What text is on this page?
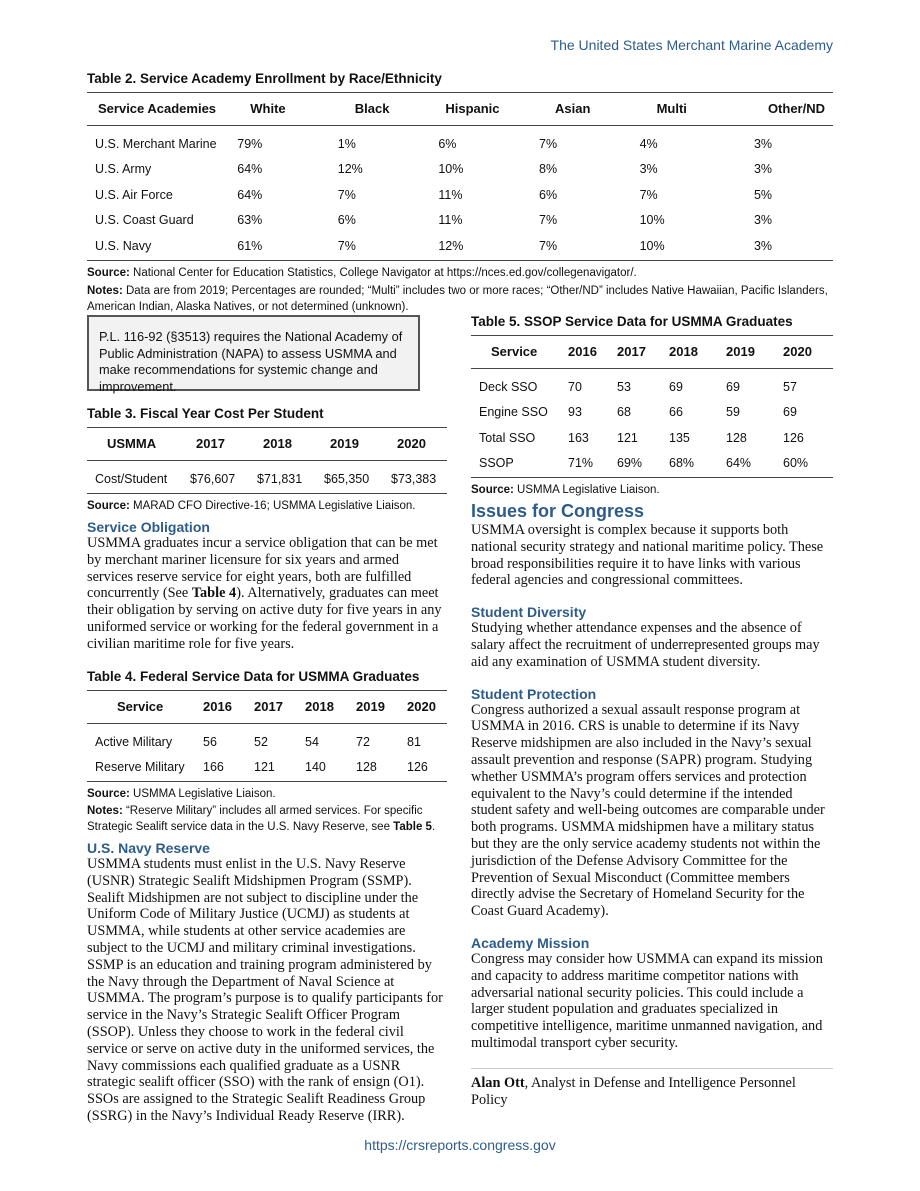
The United States Merchant Marine Academy
Table 2. Service Academy Enrollment by Race/Ethnicity
Service Academies	White	Black	Hispanic	Asian	Multi	Other/ND
U.S. Merchant Marine	79%	1%	6%	7%	4%	3%
U.S. Army	64%	12%	10%	8%	3%	3%
U.S. Air Force	64%	7%	11%	6%	7%	5%
U.S. Coast Guard	63%	6%	11%	7%	10%	3%
U.S. Navy	61%	7%	12%	7%	10%	3%
Source: National Center for Education Statistics, College Navigator at https://nces.ed.gov/collegenavigator/.
Notes: Data are from 2019; Percentages are rounded; “Multi” includes two or more races; “Other/ND” includes Native Hawaiian, Pacific Islanders, American Indian, Alaska Natives, or not determined (unknown).
P.L. 116-92 (§3513) requires the National Academy of Public Administration (NAPA) to assess USMMA and make recommendations for systemic change and improvement.
Table 3. Fiscal Year Cost Per Student
USMMA	2017	2018	2019	2020
Cost/Student	$76,607	$71,831	$65,350	$73,383
Source: MARAD CFO Directive-16; USMMA Legislative Liaison.
Service Obligation

USMMA graduates incur a service obligation that can be met by merchant mariner licensure for six years and armed services reserve service for eight years, both are fulfilled concurrently (See Table 4). Alternatively, graduates can meet their obligation by serving on active duty for five years in any uniformed service or working for the federal government in a civilian maritime role for five years.

Table 4. Federal Service Data for USMMA Graduates
Service	2016	2017	2018	2019	2020
Active Military	56	52	54	72	81
Reserve Military	166	121	140	128	126
Source: USMMA Legislative Liaison.
Notes: “Reserve Military” includes all armed services. For specific Strategic Sealift service data in the U.S. Navy Reserve, see Table 5.
U.S. Navy Reserve

USMMA students must enlist in the U.S. Navy Reserve (USNR) Strategic Sealift Midshipmen Program (SSMP). Sealift Midshipmen are not subject to discipline under the Uniform Code of Military Justice (UCMJ) as students at USMMA, while students at other service academies are subject to the UCMJ and military criminal investigations. SSMP is an education and training program administered by the Navy through the Department of Naval Science at USMMA. The program’s purpose is to qualify participants for service in the Navy’s Strategic Sealift Officer Program (SSOP). Unless they choose to work in the federal civil service or serve on active duty in the uniformed services, the Navy commissions each qualified graduate as a USNR strategic sealift officer (SSO) with the rank of ensign (O1). SSOs are assigned to the Strategic Sealift Readiness Group (SSRG) in the Navy’s Individual Ready Reserve (IRR).

Table 5. SSOP Service Data for USMMA Graduates
Service	2016	2017	2018	2019	2020
Deck SSO	70	53	69	69	57
Engine SSO	93	68	66	59	69
Total SSO	163	121	135	128	126
SSOP	71%	69%	68%	64%	60%
Source: USMMA Legislative Liaison.
Issues for Congress

USMMA oversight is complex because it supports both national security strategy and national maritime policy. These broad responsibilities require it to have links with various federal agencies and congressional committees.

Student Diversity

Studying whether attendance expenses and the absence of salary affect the recruitment of underrepresented groups may aid any examination of USMMA student diversity.

Student Protection

Congress authorized a sexual assault response program at USMMA in 2016. CRS is unable to determine if its Navy Reserve midshipmen are also included in the Navy’s sexual assault prevention and response (SAPR) program. Studying whether USMMA’s program offers services and protection equivalent to the Navy’s could determine if the intended student safety and well-being outcomes are comparable under both programs. USMMA midshipmen have a military status but they are the only service academy students not within the jurisdiction of the Defense Advisory Committee for the Prevention of Sexual Misconduct (Committee members directly advise the Secretary of Homeland Security for the Coast Guard Academy).

Academy Mission

Congress may consider how USMMA can expand its mission and capacity to address maritime competitor nations with adversarial national security policies. This could include a larger student population and graduates specialized in competitive intelligence, maritime unmanned navigation, and multimodal transport cyber security.

Alan Ott, Analyst in Defense and Intelligence Personnel Policy

https://crsreports.congress.gov
